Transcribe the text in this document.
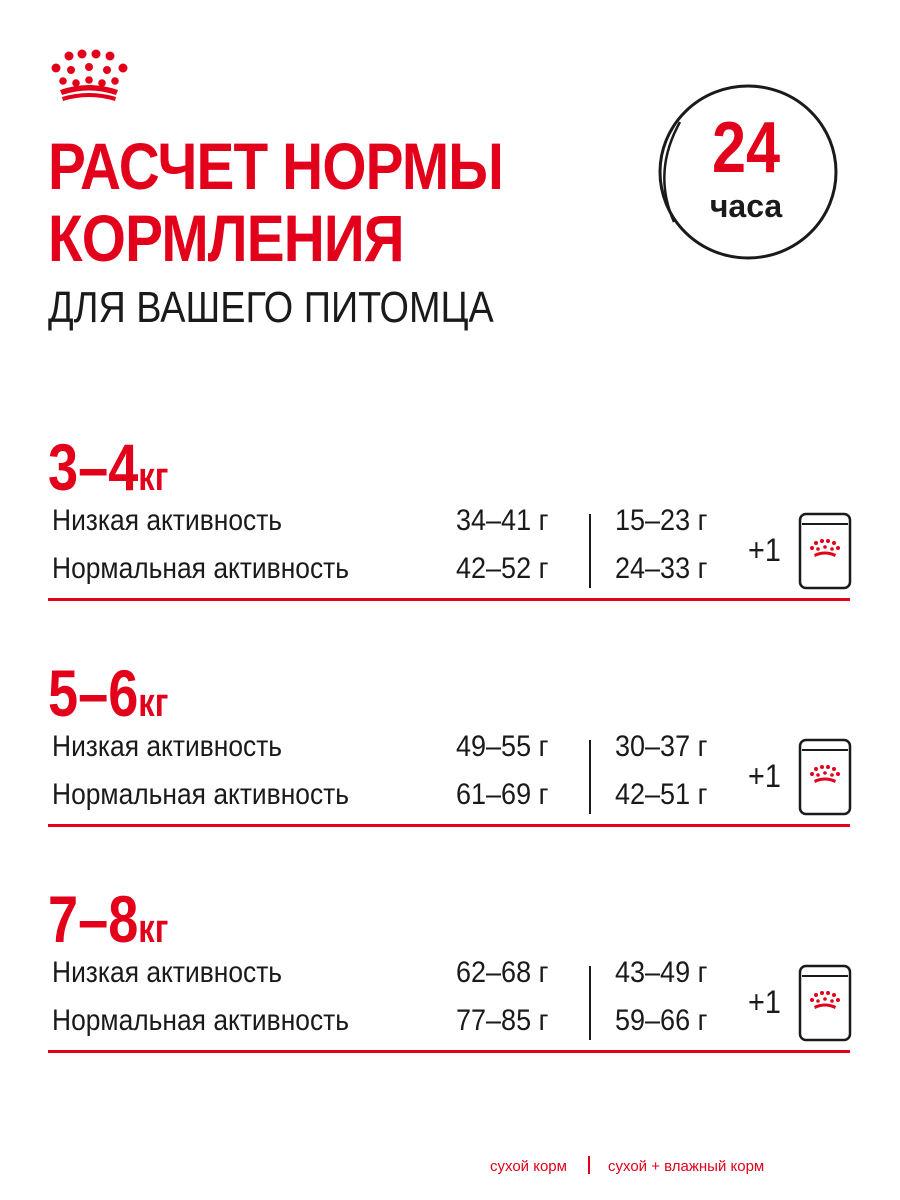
РАСЧЕТ НОРМЫ
КОРМЛЕНИЯ
ДЛЯ ВАШЕГО ПИТОМЦА
24
часа
3–4кг
Низкая активность	34–41 г 15–23 г
Нормальная активность	42–52 г 24–33 г
+1
5–6кг
Низкая активность	49–55 г 30–37 г
Нормальная активность	61–69 г 42–51 г
+1
7–8кг
Низкая активность	62–68 г 43–49 г
Нормальная активность	77–85 г 59–66 г
+1
сухой корм	сухой + влажный корм
